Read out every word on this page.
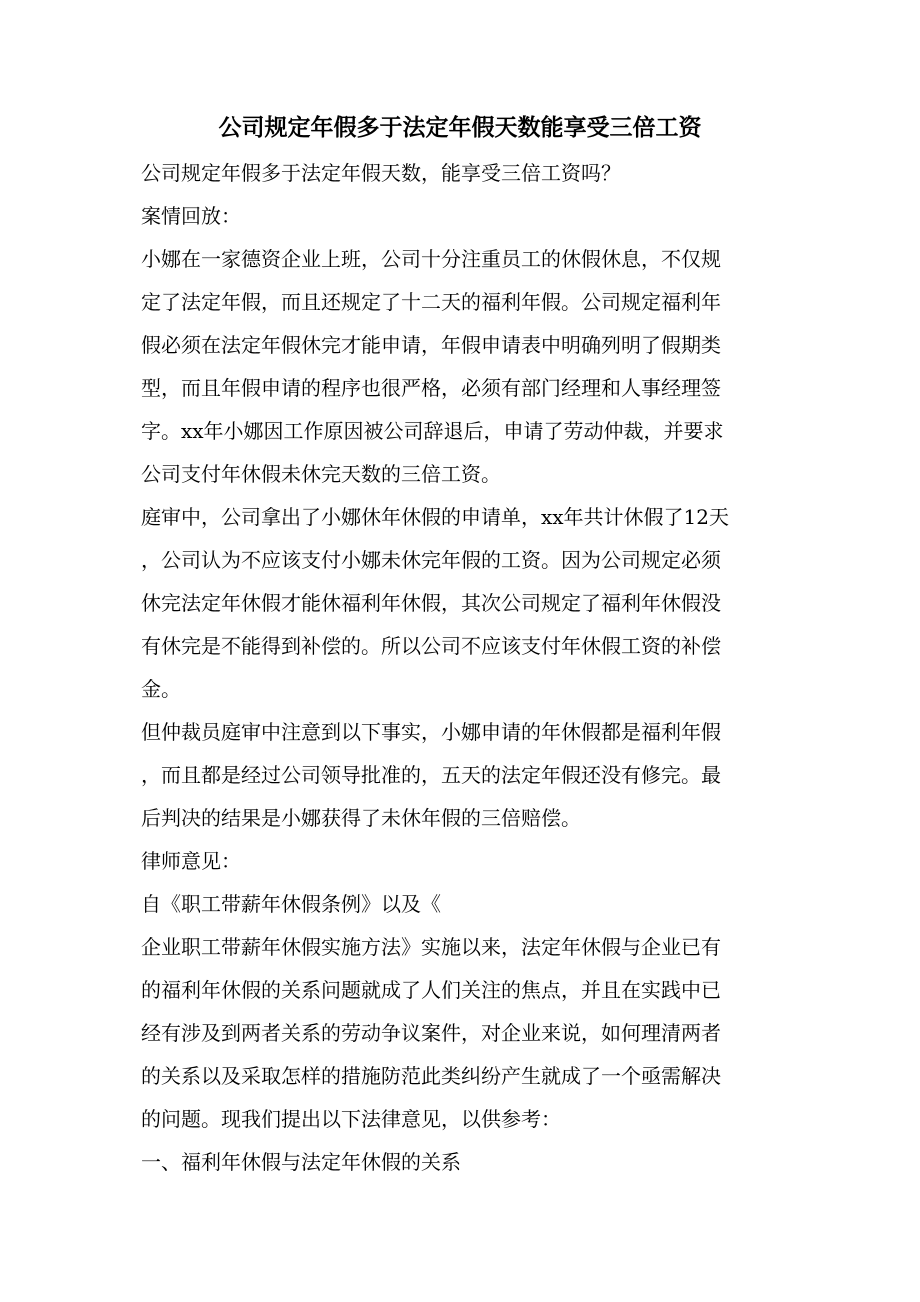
公司规定年假多于法定年假天数能享受三倍工资

公司规定年假多于法定年假天数，能享受三倍工资吗？

案情回放：

小娜在一家德资企业上班，公司十分注重员工的休假休息，不仅规

定了法定年假，而且还规定了十二天的福利年假。公司规定福利年

假必须在法定年假休完才能申请，年假申请表中明确列明了假期类

型，而且年假申请的程序也很严格，必须有部门经理和人事经理签

字。xx年小娜因工作原因被公司辞退后，申请了劳动仲裁，并要求

公司支付年休假未休完天数的三倍工资。

庭审中，公司拿出了小娜休年休假的申请单，xx年共计休假了12天

，公司认为不应该支付小娜未休完年假的工资。因为公司规定必须

休完法定年休假才能休福利年休假，其次公司规定了福利年休假没

有休完是不能得到补偿的。所以公司不应该支付年休假工资的补偿

金。

但仲裁员庭审中注意到以下事实，小娜申请的年休假都是福利年假

，而且都是经过公司领导批准的，五天的法定年假还没有修完。最

后判决的结果是小娜获得了未休年假的三倍赔偿。

律师意见：

自《职工带薪年休假条例》以及《

企业职工带薪年休假实施方法》实施以来，法定年休假与企业已有

的福利年休假的关系问题就成了人们关注的焦点，并且在实践中已

经有涉及到两者关系的劳动争议案件，对企业来说，如何理清两者

的关系以及采取怎样的措施防范此类纠纷产生就成了一个亟需解决

的问题。现我们提出以下法律意见，以供参考：

一、福利年休假与法定年休假的关系
